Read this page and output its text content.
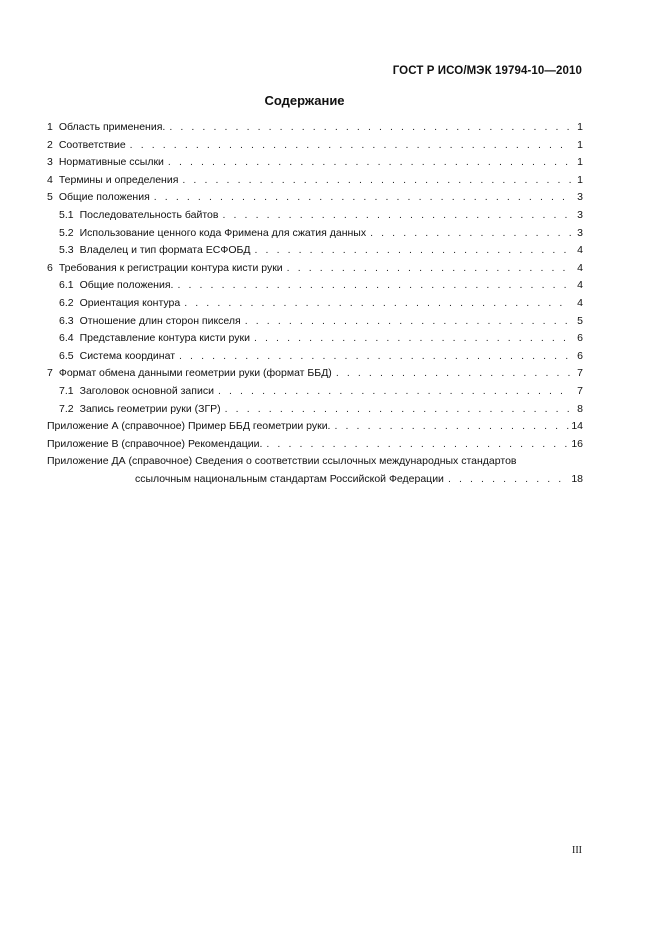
ГОСТ Р ИСО/МЭК 19794-10—2010
Содержание
1 Область применения. . . .	1
2 Соответствие . . .	1
3 Нормативные ссылки . . .	1
4 Термины и определения . . .	1
5 Общие положения . . .	3
5.1 Последовательность байтов . . .	3
5.2 Использование ценного кода Фримена для сжатия данных . . .	3
5.3 Владелец и тип формата ЕСФОБД . . .	4
6 Требования к регистрации контура кисти руки . . .	4
6.1 Общие положения. . . .	4
6.2 Ориентация контура . . .	4
6.3 Отношение длин сторон пикселя . . .	5
6.4 Представление контура кисти руки . . .	6
6.5 Система координат . . .	6
7 Формат обмена данными геометрии руки (формат ББД) . . .	7
7.1 Заголовок основной записи . . .	7
7.2 Запись геометрии руки (ЗГР) . . .	8
Приложение А (справочное) Пример ББД геометрии руки. . . .	14
Приложение В (справочное) Рекомендации. . . .	16
Приложение ДА (справочное) Сведения о соответствии ссылочных международных стандартов
ссылочным национальным стандартам Российской Федерации . . .	18
III
